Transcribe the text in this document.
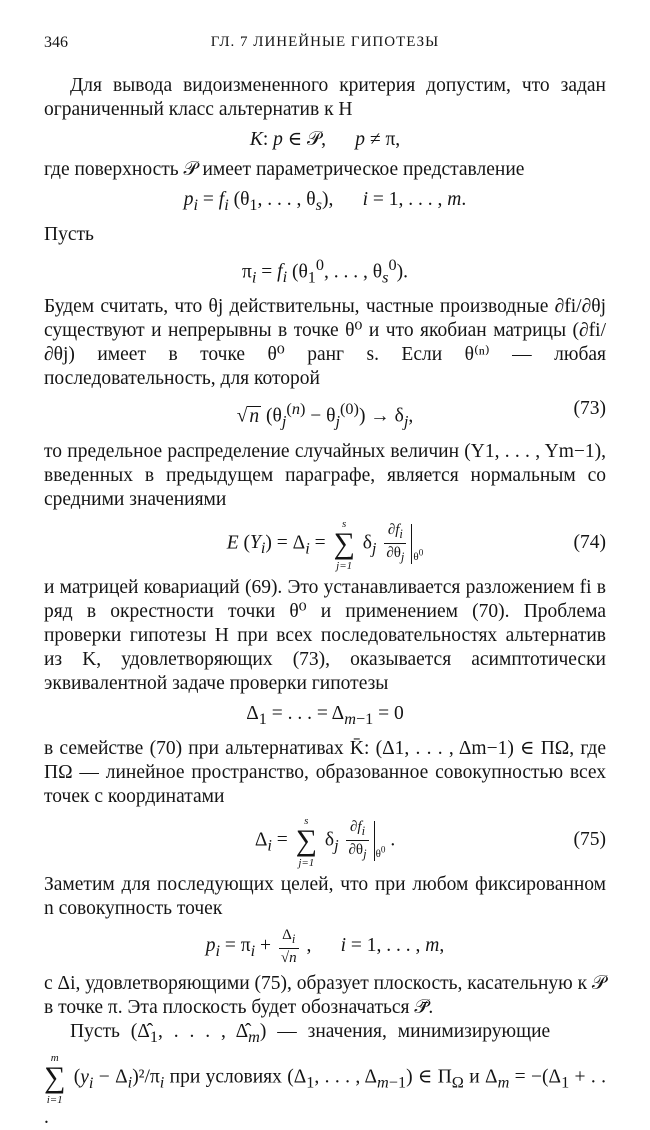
346	ГЛ. 7 ЛИНЕЙНЫЕ ГИПОТЕЗЫ

Для вывода видоизмененного критерия допустим, что задан ограниченный класс альтернатив к H

K: p ∈ 𝒫,      p ≠ π,

где поверхность 𝒫 имеет параметрическое представление

$p_i = f_i$ ($\theta_1$, . . . , $\theta_s$),      i = 1, . . . , m.

Пусть

$\pi_i = f_i$ ($\theta_1^0$, . . . , $\theta_s^0$).

Будем считать, что θj действительны, частные производные ∂fi/∂θj существуют и непрерывны в точке θ⁰ и что якобиан матрицы (∂fi/∂θj) имеет в точке θ⁰ ранг s. Если θ⁽ⁿ⁾ — любая последовательность, для которой

√ n $(\theta_j^{(n)} - \theta_j^{(0)}) \to \delta_j$,	(73)

то предельное распределение случайных величин (Y1, . . . , Ym−1), введенных в предыдущем параграфе, является нормальным со средними значениями

E $(Y_i) = \Delta_i = s$
∑
j=1 $\delta_j \frac{\partial f_i}{\partial\theta_j} _{\theta^0}$	(74)

и матрицей ковариаций (69). Это устанавливается разложением fi в ряд в окрестности точки θ⁰ и применением (70). Проблема проверки гипотезы H при всех последовательностях альтернатив из K, удовлетворяющих (73), оказывается асимптотически эквивалентной задаче проверки гипотезы

$\Delta_1$ = . . . = $\Delta_{m-1} = 0$

в семействе (70) при альтернативах K̄: (Δ1, . . . , Δm−1) ∈ ΠΩ, где ΠΩ — линейное пространство, образованное совокупностью всех точек с координатами

$\Delta_i = s$
∑
j=1 $\delta_j \frac{\partial f_i}{\partial\theta_j} _{\theta^0}$ .	(75)

Заметим для последующих целей, что при любом фиксированном n совокупность точек

$p_i = \pi_i + \frac{\Delta_i}{√n}$ ,      i = 1, . . . , m,

с Δi, удовлетворяющими (75), образует плоскость, касательную к 𝒫 в точке π. Эта плоскость будет обозначаться 𝒫̄.

Пусть ($\Deltâ_1$, . . . , $\Deltâ_m$) — значения, минимизирующие

m
∑
i=1 $(y_i - \Delta_i)^2/\pi_i$ при условиях ($\Delta_1$, . . . , $\Delta_{m-1}$) ∈ $\Pi_\Omega$ и $\Delta_m = -(\Delta_1$ + . . .
